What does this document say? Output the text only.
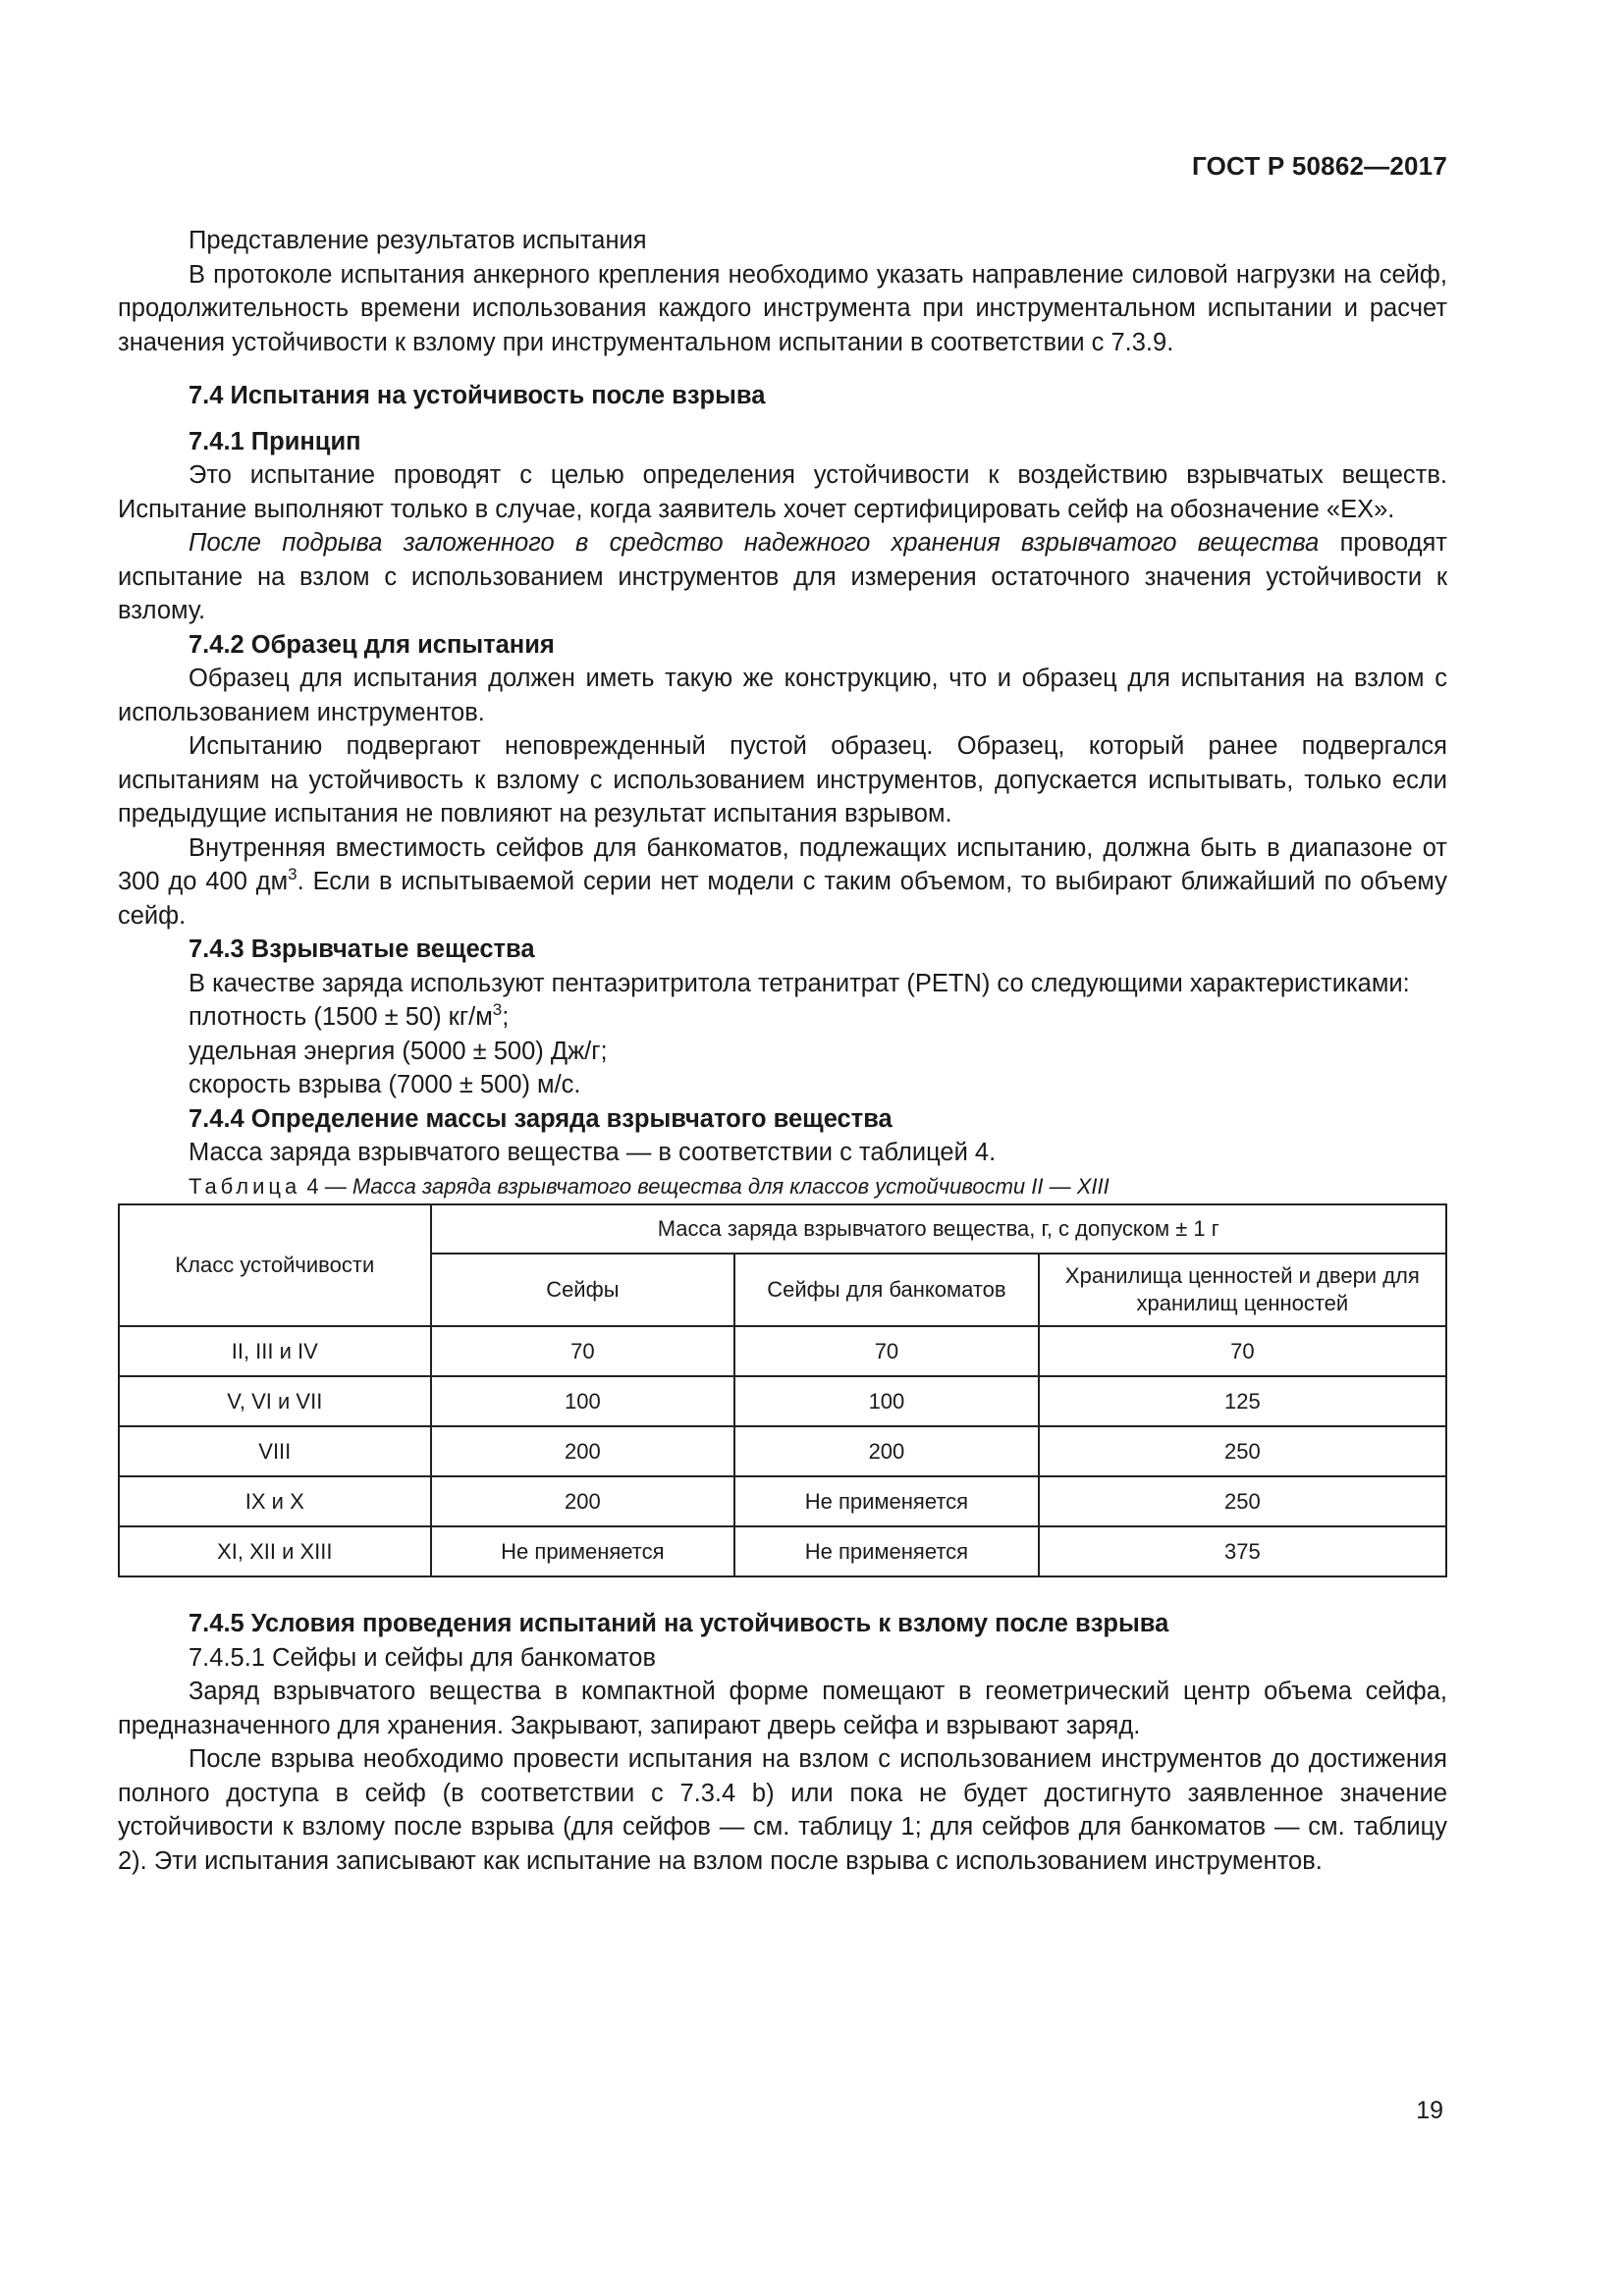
ГОСТ Р 50862—2017

Представление результатов испытания

В протоколе испытания анкерного крепления необходимо указать направление силовой нагрузки на сейф, продолжительность времени использования каждого инструмента при инструментальном испытании и расчет значения устойчивости к взлому при инструментальном испытании в соответствии с 7.3.9.

7.4 Испытания на устойчивость после взрыва
7.4.1 Принцип

Это испытание проводят с целью определения устойчивости к воздействию взрывчатых веществ. Испытание выполняют только в случае, когда заявитель хочет сертифицировать сейф на обозначение «EX».

После подрыва заложенного в средство надежного хранения взрывчатого вещества проводят испытание на взлом с использованием инструментов для измерения остаточного значения устойчивости к взлому.

7.4.2 Образец для испытания

Образец для испытания должен иметь такую же конструкцию, что и образец для испытания на взлом с использованием инструментов.

Испытанию подвергают неповрежденный пустой образец. Образец, который ранее подвергался испытаниям на устойчивость к взлому с использованием инструментов, допускается испытывать, только если предыдущие испытания не повлияют на результат испытания взрывом.

Внутренняя вместимость сейфов для банкоматов, подлежащих испытанию, должна быть в диапазоне от 300 до 400 $дм^3$. Если в испытываемой серии нет модели с таким объемом, то выбирают ближайший по объему сейф.

7.4.3 Взрывчатые вещества

В качестве заряда используют пентаэритритола тетранитрат (PETN) со следующими характеристиками:

плотность (1500 ± 50) $кг/м^3$;

удельная энергия (5000 ± 500) Дж/г;

скорость взрыва (7000 ± 500) м/с.

7.4.4 Определение массы заряда взрывчатого вещества

Масса заряда взрывчатого вещества — в соответствии с таблицей 4.

Таблица 4 — Масса заряда взрывчатого вещества для классов устойчивости II — XIII

Класс устойчивости	Масса заряда взрывчатого вещества, г, с допуском ± 1 г		
	Сейфы	Сейфы для банкоматов	Хранилища ценностей и двери для хранилищ ценностей
II, III и IV	70	70	70
V, VI и VII	100	100	125
VIII	200	200	250
IX и X	200	Не применяется	250
XI, XII и XIII	Не применяется	Не применяется	375
7.4.5 Условия проведения испытаний на устойчивость к взлому после взрыва

7.4.5.1 Сейфы и сейфы для банкоматов

Заряд взрывчатого вещества в компактной форме помещают в геометрический центр объема сейфа, предназначенного для хранения. Закрывают, запирают дверь сейфа и взрывают заряд.

После взрыва необходимо провести испытания на взлом с использованием инструментов до достижения полного доступа в сейф (в соответствии с 7.3.4 b) или пока не будет достигнуто заявленное значение устойчивости к взлому после взрыва (для сейфов — см. таблицу 1; для сейфов для банкоматов — см. таблицу 2). Эти испытания записывают как испытание на взлом после взрыва с использованием инструментов.

19
